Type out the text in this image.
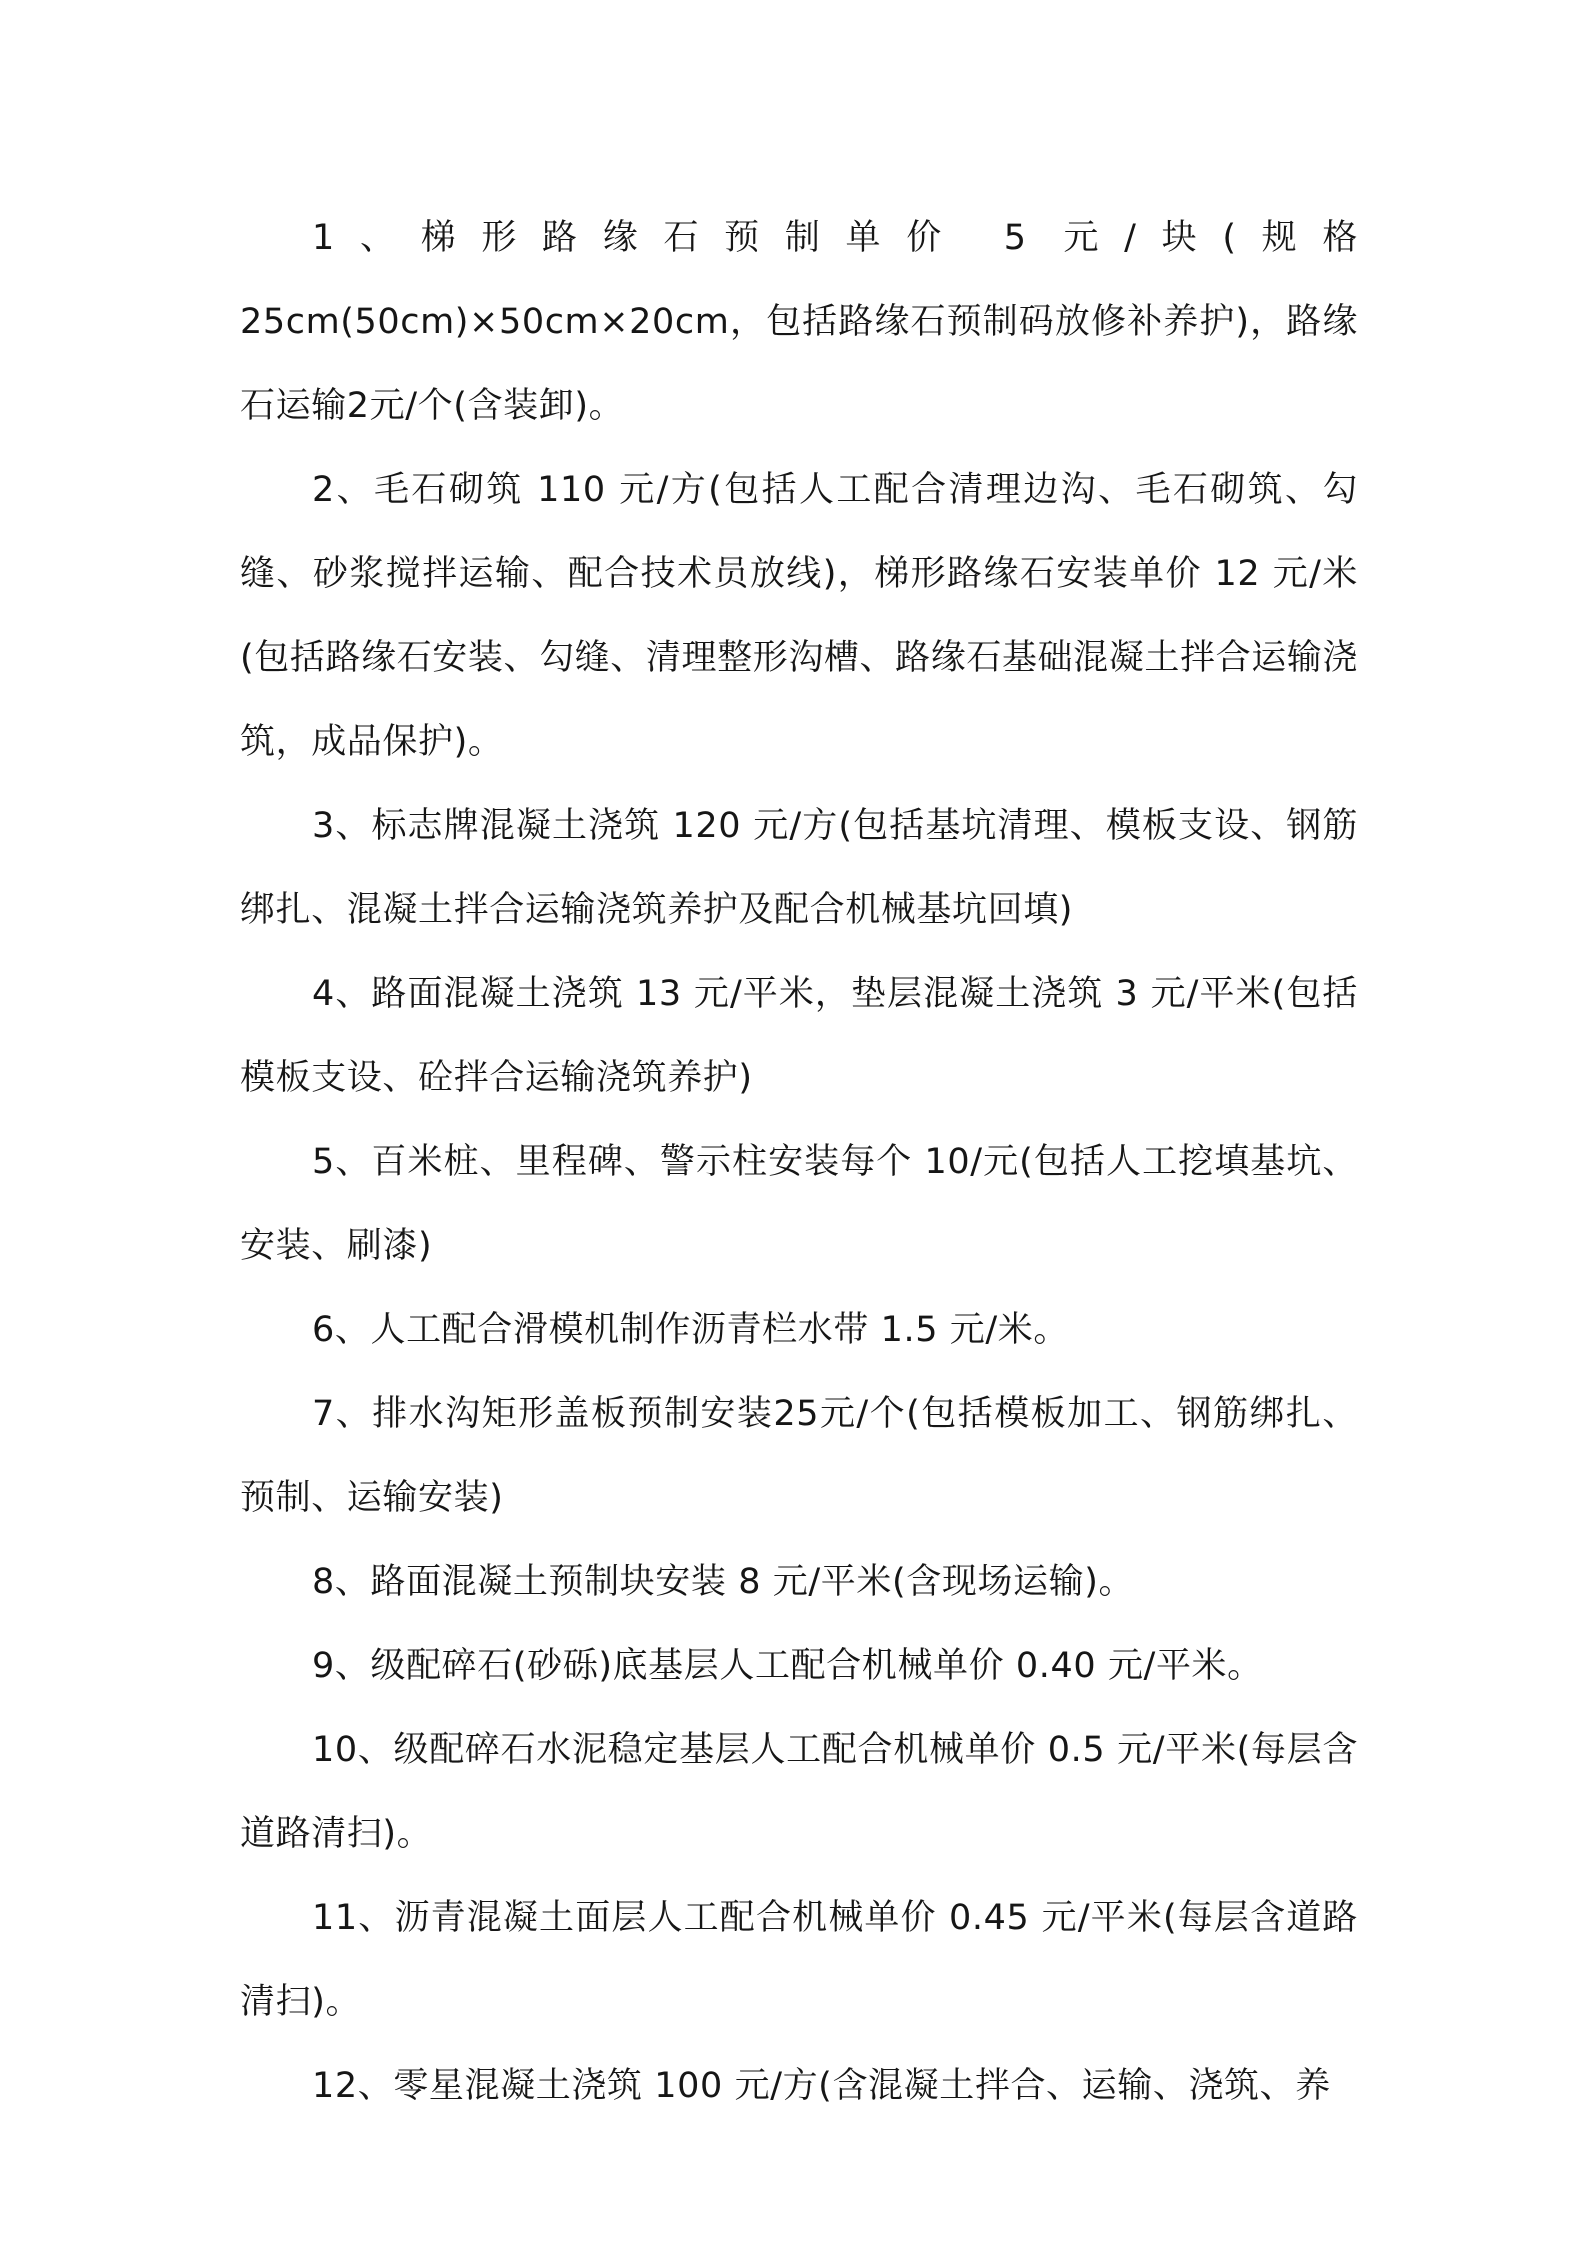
1、梯形路缘石预制单价 5 元/块(规格 25cm(50cm)×50cm×20cm，包括路缘石预制码放修补养护)，路缘石运输2元/个(含装卸)。

2、毛石砌筑 110 元/方(包括人工配合清理边沟、毛石砌筑、勾缝、砂浆搅拌运输、配合技术员放线)，梯形路缘石安装单价 12 元/米(包括路缘石安装、勾缝、清理整形沟槽、路缘石基础混凝土拌合运输浇筑，成品保护)。

3、标志牌混凝土浇筑 120 元/方(包括基坑清理、模板支设、钢筋绑扎、混凝土拌合运输浇筑养护及配合机械基坑回填)

4、路面混凝土浇筑 13 元/平米，垫层混凝土浇筑 3 元/平米(包括模板支设、砼拌合运输浇筑养护)

5、百米桩、里程碑、警示柱安装每个 10/元(包括人工挖填基坑、安装、刷漆)

6、人工配合滑模机制作沥青栏水带 1.5 元/米。

7、排水沟矩形盖板预制安装25元/个(包括模板加工、钢筋绑扎、预制、运输安装)

8、路面混凝土预制块安装 8 元/平米(含现场运输)。

9、级配碎石(砂砾)底基层人工配合机械单价 0.40 元/平米。

10、级配碎石水泥稳定基层人工配合机械单价 0.5 元/平米(每层含道路清扫)。

11、沥青混凝土面层人工配合机械单价 0.45 元/平米(每层含道路清扫)。

12、零星混凝土浇筑 100 元/方(含混凝土拌合、运输、浇筑、养
